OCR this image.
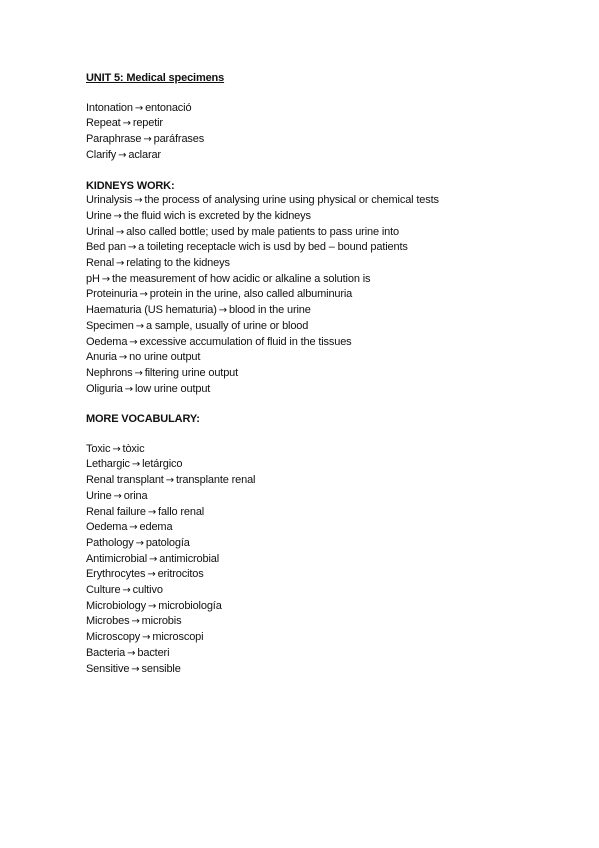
UNIT 5: Medical specimens

Intonation → entonació
Repeat → repetir
Paraphrase → paráfrases
Clarify → aclarar

KIDNEYS WORK:

Urinalysis → the process of analysing urine using physical or chemical tests
Urine → the fluid wich is excreted by the kidneys
Urinal → also called bottle; used by male patients to pass urine into
Bed pan → a toileting receptacle wich is usd by bed – bound patients
Renal → relating to the kidneys
pH → the measurement of how acidic or alkaline a solution is
Proteinuria → protein in the urine, also called albuminuria
Haematuria (US hematuria) → blood in the urine
Specimen → a sample, usually of urine or blood
Oedema → excessive accumulation of fluid in the tissues
Anuria → no urine output
Nephrons → filtering urine output
Oliguria → low urine output

MORE VOCABULARY:

Toxic → tòxic
Lethargic → letárgico
Renal transplant → transplante renal
Urine → orina
Renal failure → fallo renal
Oedema → edema
Pathology → patología
Antimicrobial → antimicrobial
Erythrocytes → eritrocitos
Culture → cultivo
Microbiology → microbiología
Microbes → microbis
Microscopy → microscopi
Bacteria → bacteri
Sensitive → sensible
